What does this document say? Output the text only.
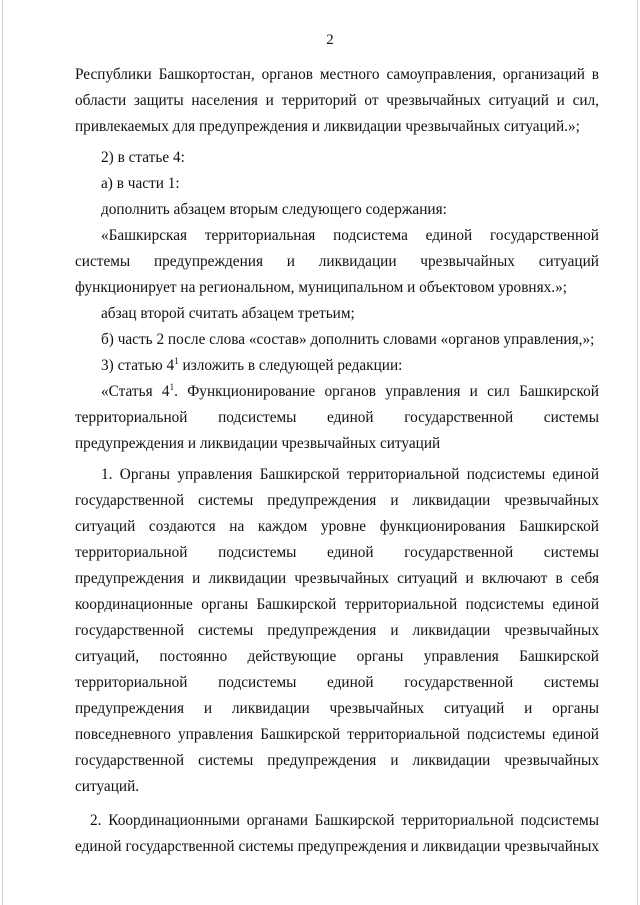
2
Республики Башкортостан, органов местного самоуправления, организаций в
области защиты населения и территорий от чрезвычайных ситуаций и сил,
привлекаемых для предупреждения и ликвидации чрезвычайных ситуаций.»;
2) в статье 4:
а) в части 1:
дополнить абзацем вторым следующего содержания:
«Башкирская территориальная подсистема единой государственной
системы предупреждения и ликвидации чрезвычайных ситуаций
функционирует на региональном, муниципальном и объектовом уровнях.»;
абзац второй считать абзацем третьим;
б) часть 2 после слова «состав» дополнить словами «органов управления,»;
3) статью $4^1$ изложить в следующей редакции:
«Статья $4^1$. Функционирование органов управления и сил Башкирской
территориальной подсистемы единой государственной системы
предупреждения и ликвидации чрезвычайных ситуаций
1. Органы управления Башкирской территориальной подсистемы единой
государственной системы предупреждения и ликвидации чрезвычайных
ситуаций создаются на каждом уровне функционирования Башкирской
территориальной подсистемы единой государственной системы
предупреждения и ликвидации чрезвычайных ситуаций и включают в себя
координационные органы Башкирской территориальной подсистемы единой
государственной системы предупреждения и ликвидации чрезвычайных
ситуаций, постоянно действующие органы управления Башкирской
территориальной подсистемы единой государственной системы
предупреждения и ликвидации чрезвычайных ситуаций и органы
повседневного управления Башкирской территориальной подсистемы единой
государственной системы предупреждения и ликвидации чрезвычайных
ситуаций.
2. Координационными органами Башкирской территориальной подсистемы
единой государственной системы предупреждения и ликвидации чрезвычайных
